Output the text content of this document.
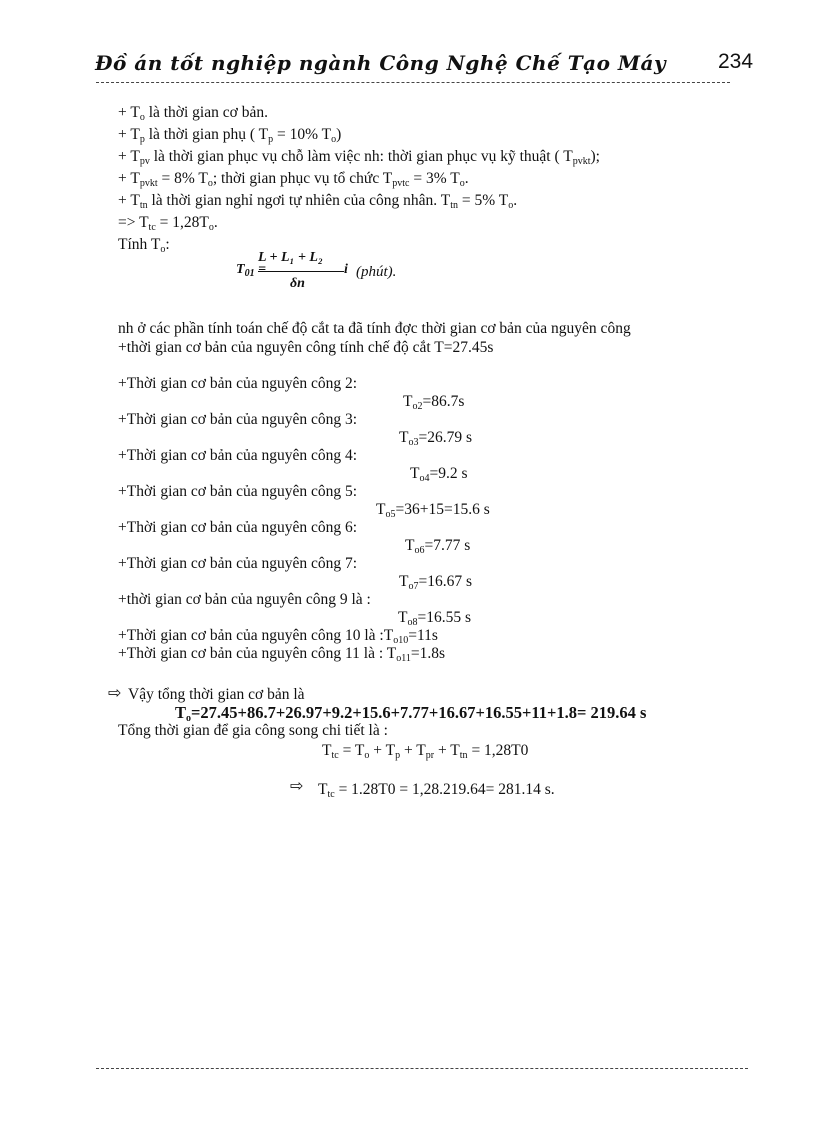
Đồ án tốt nghiệp ngành Công Nghệ Chế Tạo Máy 234
+ $T_o$ là thời gian cơ bản.
+ $T_p$ là thời gian phụ ( $T_p = 10\%$ $T_o$)
+ $T_{pv}$ là thời gian phục vụ chỗ làm việc nh: thời gian phục vụ kỹ thuật ( $T_{pvkt}$);
+ $T_{pvkt} = 8\%$ $T_o$; thời gian phục vụ tổ chức $T_{pvtc} = 3\%$ $T_o$.
+ $T_{tn}$ là thời gian nghỉ ngơi tự nhiên của công nhân. $T_{tn} = 5\%$ $T_o$.
=> $T_{tc} = 1,28T_o$.
Tính $T_o$:
$T_{01}$ =
L + L₁ + L₂
δn
i (phút).
nh ở các phần tính toán chế độ cắt ta đã tính đợc thời gian cơ bản của nguyên công
+thời gian cơ bản của nguyên công tính chế độ cắt T=27.45s
+Thời gian cơ bản của nguyên công 2:
$T_{o2}=86.7s$
+Thời gian cơ bản của nguyên công 3:
$T_{o3}=26.79$ s
+Thời gian cơ bản của nguyên công 4:
$T_{o4}=9.2$ s
+Thời gian cơ bản của nguyên công 5:
$T_{o5}=36+15=15.6$ s
+Thời gian cơ bản của nguyên công 6:
$T_{o6}=7.77$ s
+Thời gian cơ bản của nguyên công 7:
$T_{o7}=16.67$ s
+thời gian cơ bản của nguyên công 9 là :
$T_{o8}=16.55$ s
+Thời gian cơ bản của nguyên công 10 là $:T_{o10}=11s$
+Thời gian cơ bản của nguyên công 11 là : $T_{o11}=1.8s$
⇨ Vậy tổng thời gian cơ bản là
$T_o=27.45+86.7+26.97+9.2+15.6+7.77+16.67+16.55+11+1.8= 219.64$ s
Tổng thời gian để gia công song chi tiết là :
$T_{tc} = T_o + T_p + T_{pr} + T_{tn} = 1,28T0$
⇨ $T_{tc} = 1.28T0 = 1,28.219.64= 281.14$ s.
